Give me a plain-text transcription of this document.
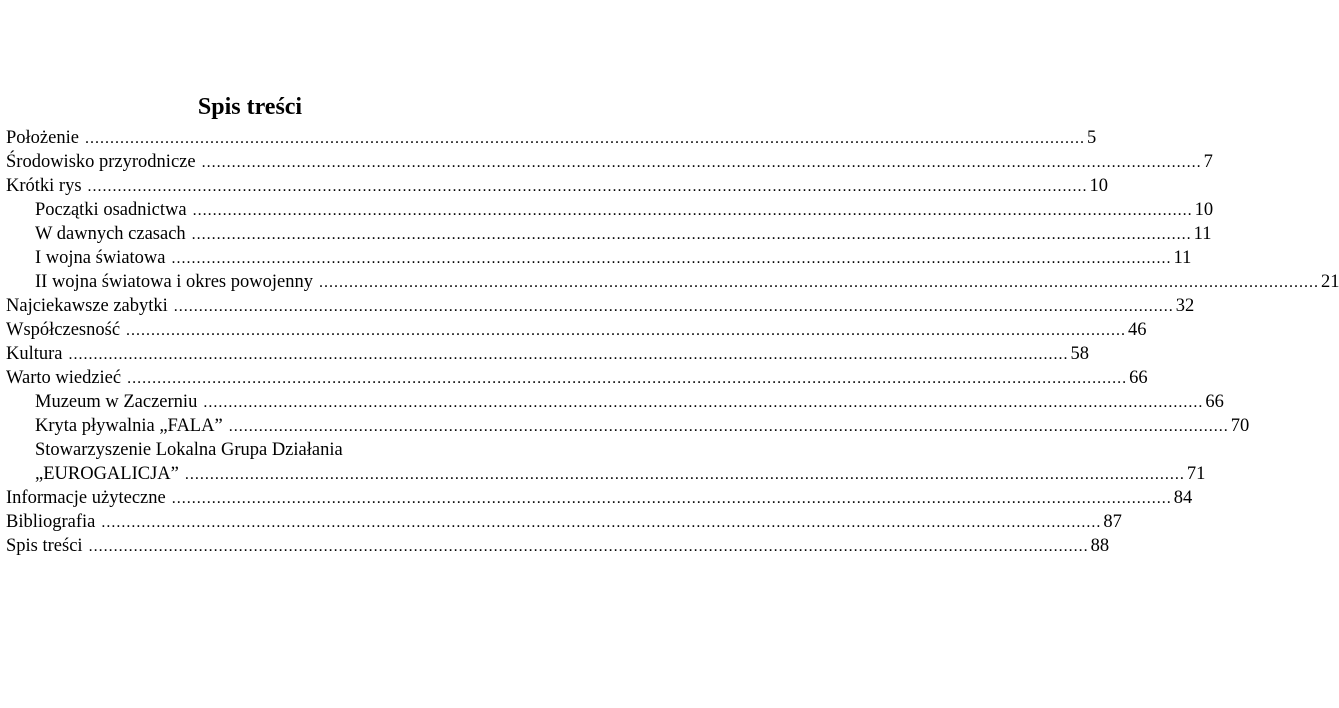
Spis treści
Położenie ........................................................................................................................................................................................................ 5
Środowisko przyrodnicze ........................................................................................................................................................................................................ 7
Krótki rys ........................................................................................................................................................................................................ 10
Początki osadnictwa ........................................................................................................................................................................................................ 10
W dawnych czasach ........................................................................................................................................................................................................ 11
I wojna światowa ........................................................................................................................................................................................................ 11
II wojna światowa i okres powojenny ........................................................................................................................................................................................................ 21
Najciekawsze zabytki ........................................................................................................................................................................................................ 32
Współczesność ........................................................................................................................................................................................................ 46
Kultura ........................................................................................................................................................................................................ 58
Warto wiedzieć ........................................................................................................................................................................................................ 66
Muzeum w Zaczerniu ........................................................................................................................................................................................................ 66
Kryta pływalnia „FALA” ........................................................................................................................................................................................................ 70
Stowarzyszenie Lokalna Grupa Działania
„EUROGALICJA” ........................................................................................................................................................................................................ 71
Informacje użyteczne ........................................................................................................................................................................................................ 84
Bibliografia ........................................................................................................................................................................................................ 87
Spis treści ........................................................................................................................................................................................................ 88
